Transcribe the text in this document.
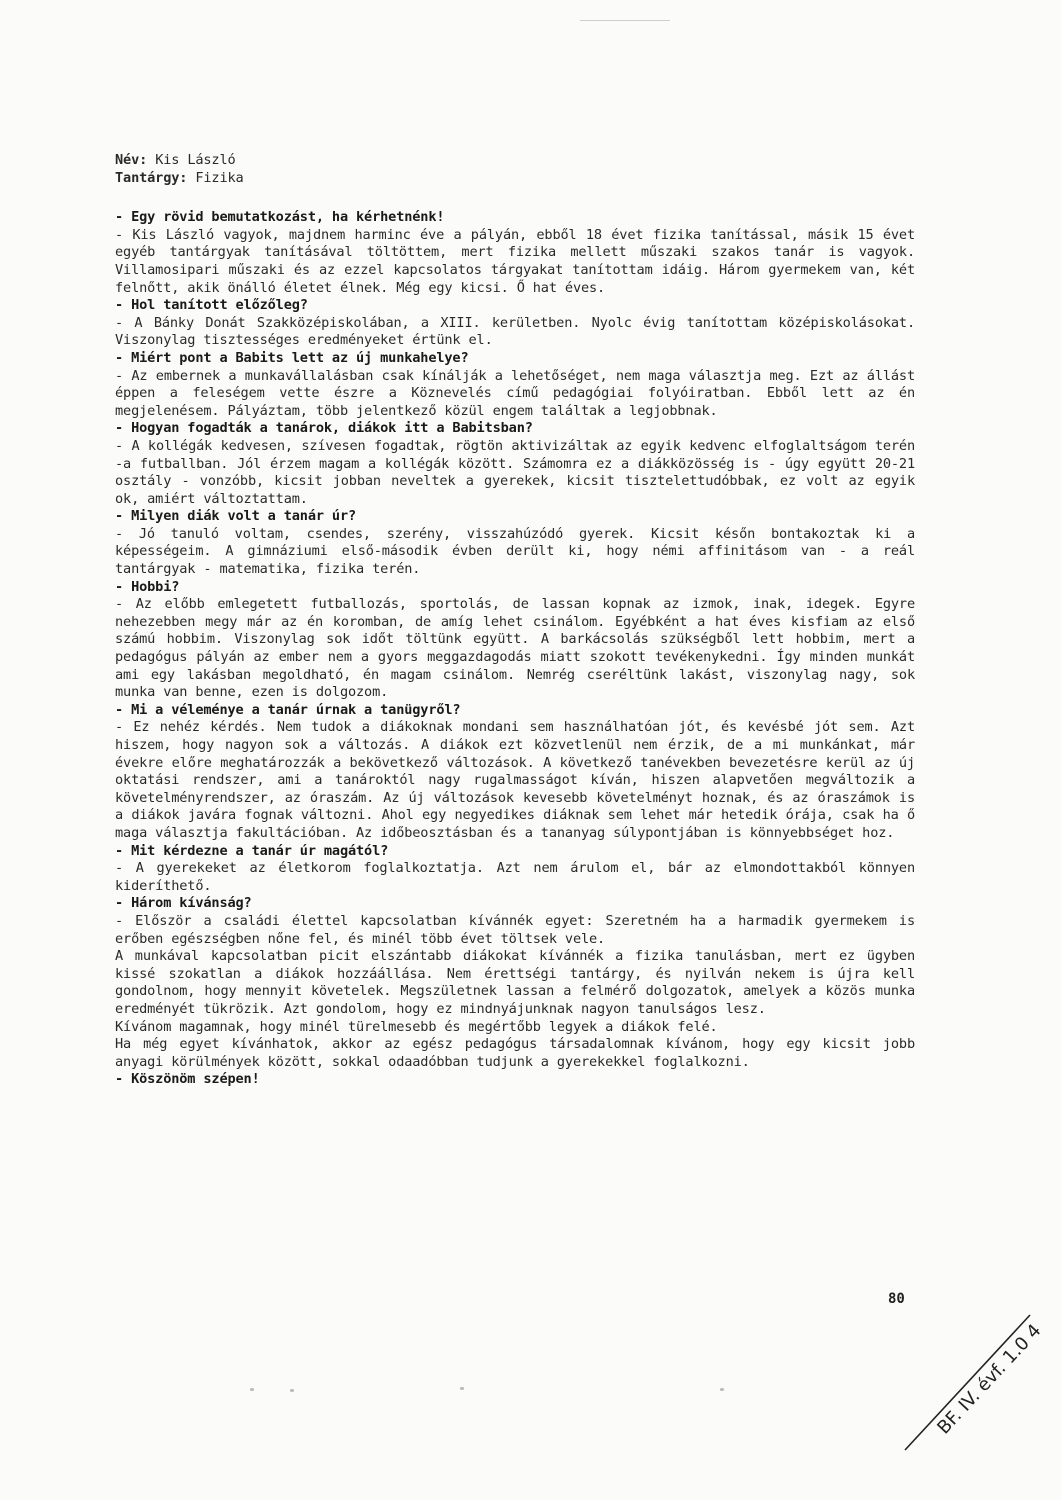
Név: Kis László

Tantárgy: Fizika

- Egy rövid bemutatkozást, ha kérhetnénk!

- Kis László vagyok, majdnem harminc éve a pályán, ebből 18 évet fizika tanítással, másik 15 évet egyéb tantárgyak tanításával töltöttem, mert fizika mellett műszaki szakos tanár is vagyok. Villamosipari műszaki és az ezzel kapcsolatos tárgyakat tanítottam idáig. Három gyermekem van, két felnőtt, akik önálló életet élnek. Még egy kicsi. Ő hat éves.

- Hol tanított előzőleg?

- A Bánky Donát Szakközépiskolában, a XIII. kerületben. Nyolc évig tanítottam középiskolásokat. Viszonylag tisztességes eredményeket értünk el.

- Miért pont a Babits lett az új munkahelye?

- Az embernek a munkavállalásban csak kínálják a lehetőséget, nem maga választja meg. Ezt az állást éppen a feleségem vette észre a Köznevelés című pedagógiai folyóiratban. Ebből lett az én megjelenésem. Pályáztam, több jelentkező közül engem találtak a legjobbnak.

- Hogyan fogadták a tanárok, diákok itt a Babitsban?

- A kollégák kedvesen, szívesen fogadtak, rögtön aktivizáltak az egyik kedvenc elfoglaltságom terén -a futballban. Jól érzem magam a kollégák között. Számomra ez a diákközösség is - úgy együtt 20-21 osztály - vonzóbb, kicsit jobban neveltek a gyerekek, kicsit tisztelettudóbbak, ez volt az egyik ok, amiért változtattam.

- Milyen diák volt a tanár úr?

- Jó tanuló voltam, csendes, szerény, visszahúzódó gyerek. Kicsit későn bontakoztak ki a képességeim. A gimnáziumi első-második évben derült ki, hogy némi affinitásom van - a reál tantárgyak - matematika, fizika terén.

- Hobbi?

- Az előbb emlegetett futballozás, sportolás, de lassan kopnak az izmok, inak, idegek. Egyre nehezebben megy már az én koromban, de amíg lehet csinálom. Egyébként a hat éves kisfiam az első számú hobbim. Viszonylag sok időt töltünk együtt. A barkácsolás szükségből lett hobbim, mert a pedagógus pályán az ember nem a gyors meggazdagodás miatt szokott tevékenykedni. Így minden munkát ami egy lakásban megoldható, én magam csinálom. Nemrég cseréltünk lakást, viszonylag nagy, sok munka van benne, ezen is dolgozom.

- Mi a véleménye a tanár úrnak a tanügyről?

- Ez nehéz kérdés. Nem tudok a diákoknak mondani sem használhatóan jót, és kevésbé jót sem. Azt hiszem, hogy nagyon sok a változás. A diákok ezt közvetlenül nem érzik, de a mi munkánkat, már évekre előre meghatározzák a bekövetkező változások. A következő tanévekben bevezetésre kerül az új oktatási rendszer, ami a tanároktól nagy rugalmasságot kíván, hiszen alapvetően megváltozik a követelményrendszer, az óraszám. Az új változások kevesebb követelményt hoznak, és az óraszámok is a diákok javára fognak változni. Ahol egy negyedikes diáknak sem lehet már hetedik órája, csak ha ő maga választja fakultációban. Az időbeosztásban és a tananyag súlypontjában is könnyebbséget hoz.

- Mit kérdezne a tanár úr magától?

- A gyerekeket az életkorom foglalkoztatja. Azt nem árulom el, bár az elmondottakból könnyen kideríthető.

- Három kívánság?

- Először a családi élettel kapcsolatban kívánnék egyet: Szeretném ha a harmadik gyermekem is erőben egészségben nőne fel, és minél több évet töltsek vele.

A munkával kapcsolatban picit elszántabb diákokat kívánnék a fizika tanulásban, mert ez ügyben kissé szokatlan a diákok hozzáállása. Nem érettségi tantárgy, és nyilván nekem is újra kell gondolnom, hogy mennyit követelek. Megszületnek lassan a felmérő dolgozatok, amelyek a közös munka eredményét tükrözik. Azt gondolom, hogy ez mindnyájunknak nagyon tanulságos lesz.

Kívánom magamnak, hogy minél türelmesebb és megértőbb legyek a diákok felé.

Ha még egyet kívánhatok, akkor az egész pedagógus társadalomnak kívánom, hogy egy kicsit jobb anyagi körülmények között, sokkal odaadóbban tudjunk a gyerekekkel foglalkozni.

- Köszönöm szépen!

80
BF. IV. évf. 1.0 4
